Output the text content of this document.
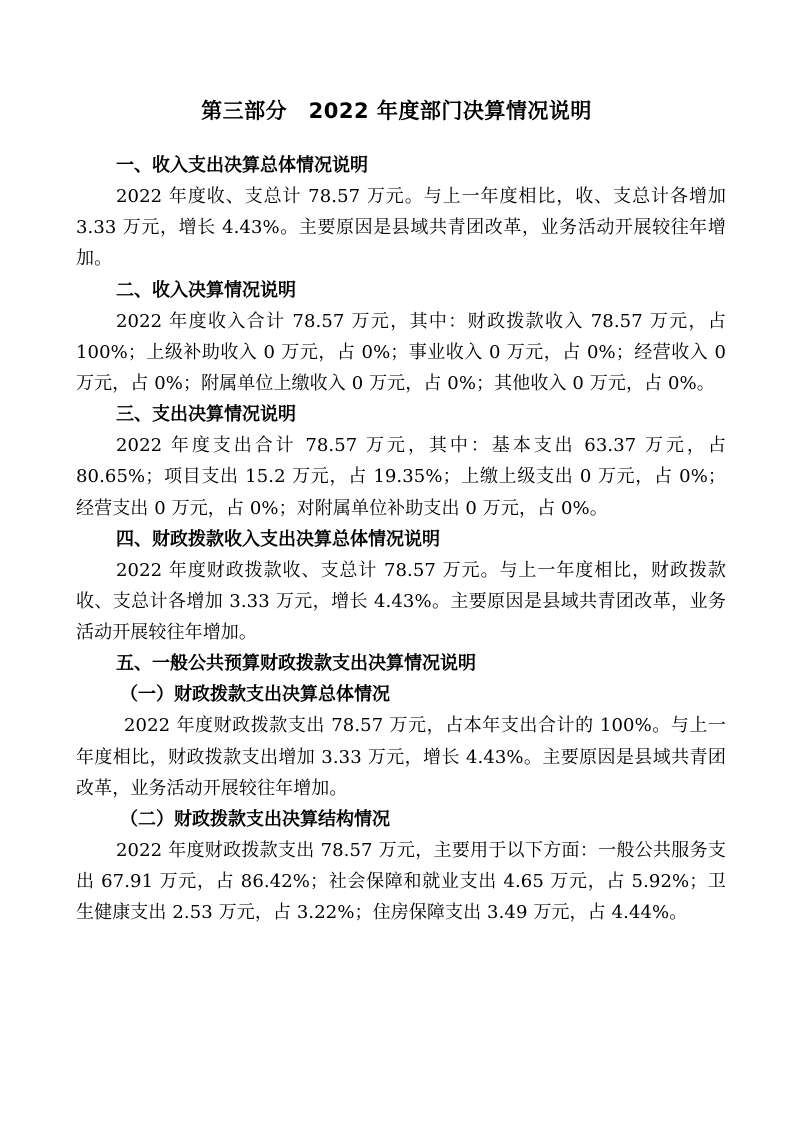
第三部分　2022 年度部门决算情况说明
一、收入支出决算总体情况说明

2022 年度收、支总计 78.57 万元。与上一年度相比，收、支总计各增加 3.33 万元，增长 4.43%。主要原因是县域共青团改革，业务活动开展较往年增加。

二、收入决算情况说明

2022 年度收入合计 78.57 万元，其中：财政拨款收入 78.57 万元，占 100%；上级补助收入 0 万元，占 0%；事业收入 0 万元，占 0%；经营收入 0 万元，占 0%；附属单位上缴收入 0 万元，占 0%；其他收入 0 万元，占 0%。

三、支出决算情况说明

2022 年度支出合计 78.57 万元，其中：基本支出 63.37 万元，占 80.65%；项目支出 15.2 万元，占 19.35%；上缴上级支出 0 万元，占 0%；经营支出 0 万元，占 0%；对附属单位补助支出 0 万元，占 0%。

四、财政拨款收入支出决算总体情况说明

2022 年度财政拨款收、支总计 78.57 万元。与上一年度相比，财政拨款收、支总计各增加 3.33 万元，增长 4.43%。主要原因是县域共青团改革，业务活动开展较往年增加。

五、一般公共预算财政拨款支出决算情况说明
（一）财政拨款支出决算总体情况

2022 年度财政拨款支出 78.57 万元，占本年支出合计的 100%。与上一年度相比，财政拨款支出增加 3.33 万元，增长 4.43%。主要原因是县域共青团改革，业务活动开展较往年增加。

（二）财政拨款支出决算结构情况

2022 年度财政拨款支出 78.57 万元，主要用于以下方面：一般公共服务支出 67.91 万元，占 86.42%；社会保障和就业支出 4.65 万元，占 5.92%；卫生健康支出 2.53 万元，占 3.22%；住房保障支出 3.49 万元，占 4.44%。
